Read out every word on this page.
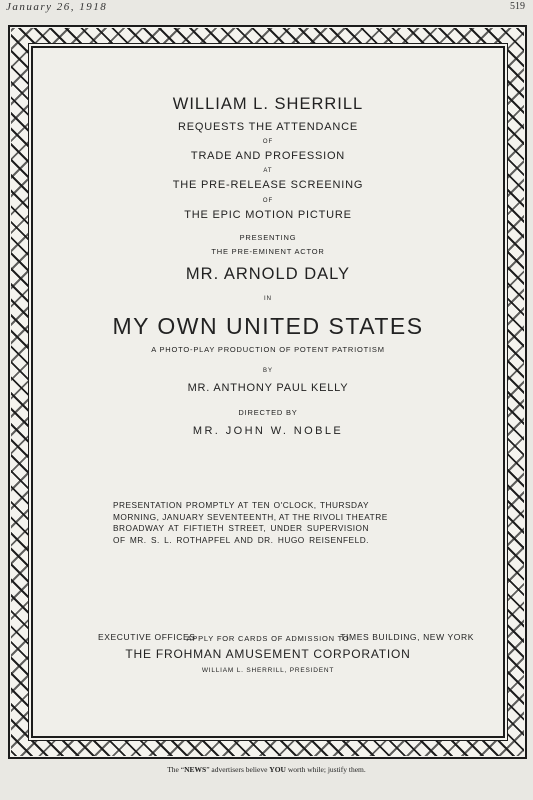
January 26, 1918	519
WILLIAM L. SHERRILL
REQUESTS THE ATTENDANCE
OF
TRADE AND PROFESSION
AT
THE PRE-RELEASE SCREENING
OF
THE EPIC MOTION PICTURE
PRESENTING
THE PRE-EMINENT ACTOR
MR. ARNOLD DALY
IN
MY OWN UNITED STATES
A PHOTO-PLAY PRODUCTION OF POTENT PATRIOTISM
BY
MR. ANTHONY PAUL KELLY
DIRECTED BY
MR. JOHN W. NOBLE
PRESENTATION PROMPTLY AT TEN O'CLOCK, THURSDAY
MORNING, JANUARY SEVENTEENTH, AT THE RIVOLI THEATRE
BROADWAY AT FIFTIETH STREET, UNDER SUPERVISION
OF MR. S. L. ROTHAPFEL AND DR. HUGO REISENFELD.
APPLY FOR CARDS OF ADMISSION TO
THE FROHMAN AMUSEMENT CORPORATION
WILLIAM L. SHERRILL, PRESIDENT
EXECUTIVE OFFICES	TIMES BUILDING, NEW YORK
The “NEWS” advertisers believe YOU worth while; justify them.
